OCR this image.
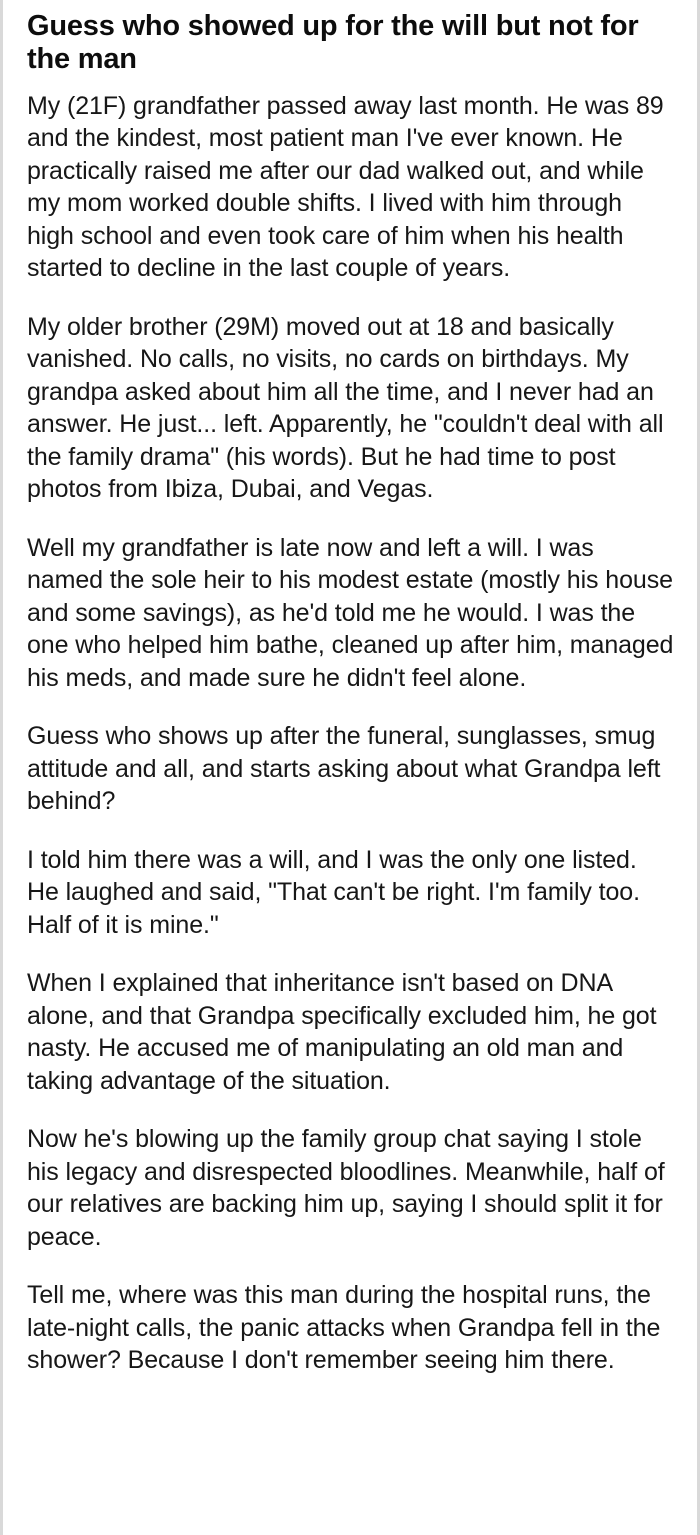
Guess who showed up for the will but not for the man

My (21F) grandfather passed away last month. He was 89 and the kindest, most patient man I've ever known. He practically raised me after our dad walked out, and while my mom worked double shifts. I lived with him through high school and even took care of him when his health started to decline in the last couple of years.

My older brother (29M) moved out at 18 and basically vanished. No calls, no visits, no cards on birthdays. My grandpa asked about him all the time, and I never had an answer. He just... left. Apparently, he "couldn't deal with all the family drama" (his words). But he had time to post photos from Ibiza, Dubai, and Vegas.

Well my grandfather is late now and left a will. I was named the sole heir to his modest estate (mostly his house and some savings), as he'd told me he would. I was the one who helped him bathe, cleaned up after him, managed his meds, and made sure he didn't feel alone.

Guess who shows up after the funeral, sunglasses, smug attitude and all, and starts asking about what Grandpa left behind?

I told him there was a will, and I was the only one listed. He laughed and said, "That can't be right. I'm family too. Half of it is mine."

When I explained that inheritance isn't based on DNA alone, and that Grandpa specifically excluded him, he got nasty. He accused me of manipulating an old man and taking advantage of the situation.

Now he's blowing up the family group chat saying I stole his legacy and disrespected bloodlines. Meanwhile, half of our relatives are backing him up, saying I should split it for peace.

Tell me, where was this man during the hospital runs, the late-night calls, the panic attacks when Grandpa fell in the shower? Because I don't remember seeing him there.
